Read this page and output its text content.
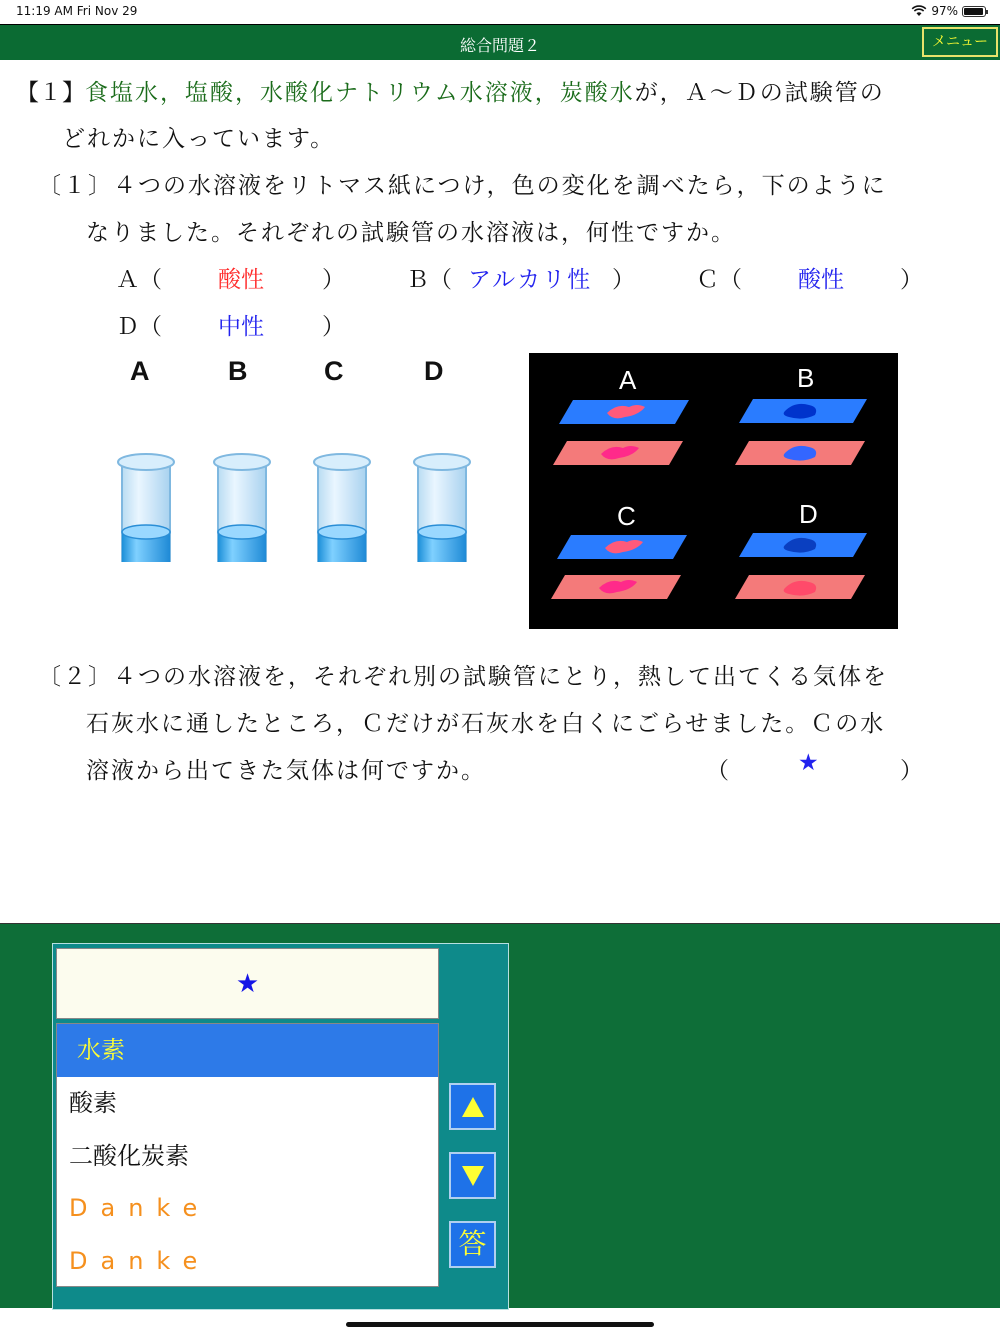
11:19 AM Fri Nov 29	97%
総合問題２	メニュー
【１】食塩水，塩酸，水酸化ナトリウム水溶液，炭酸水が，Ａ～Ｄの試験管の
どれかに入っています。
〔１〕４つの水溶液をリトマス紙につけ，色の変化を調べたら，下のように
なりました。それぞれの試験管の水溶液は，何性ですか。
Ａ（ 酸性	）	Ｂ（ アルカリ性 ）	Ｃ（ 酸性 ）
Ｄ（ 中性	）
A	B	C	D	A	B
C	D
〔２〕４つの水溶液を，それぞれ別の試験管にとり，熱して出てくる気体を
石灰水に通したところ，Ｃだけが石灰水を白くにごらせました。Ｃの水
溶液から出てきた気体は何ですか。	（	★	）
★
水素
酸素
二酸化炭素
Danke
Danke
答
